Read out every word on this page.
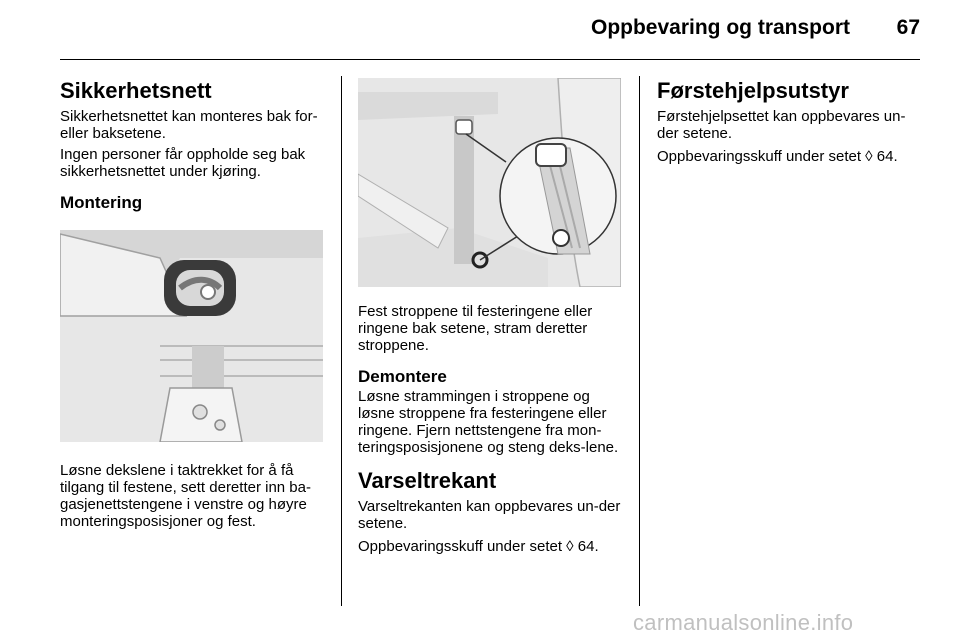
Oppbevaring og transport	67
Sikkerhetsnett

Sikkerhetsnettet kan monteres bak for- eller baksetene.

Ingen personer får oppholde seg bak sikkerhetsnettet under kjøring.

Montering

Løsne dekslene i taktrekket for å få tilgang til festene, sett deretter inn ba-gasjenettstengene i venstre og høyre monteringsposisjoner og fest.

Fest stroppene til festeringene eller ringene bak setene, stram deretter stroppene.

Demontere

Løsne strammingen i stroppene og løsne stroppene fra festeringene eller ringene. Fjern nettstengene fra mon-teringsposisjonene og steng deks-lene.

Varseltrekant

Varseltrekanten kan oppbevares un-der setene.

Oppbevaringsskuff under setet ◊ 64.

Førstehjelpsutstyr

Førstehjelpsettet kan oppbevares un-der setene.

Oppbevaringsskuff under setet ◊ 64.

carmanualsonline.info
